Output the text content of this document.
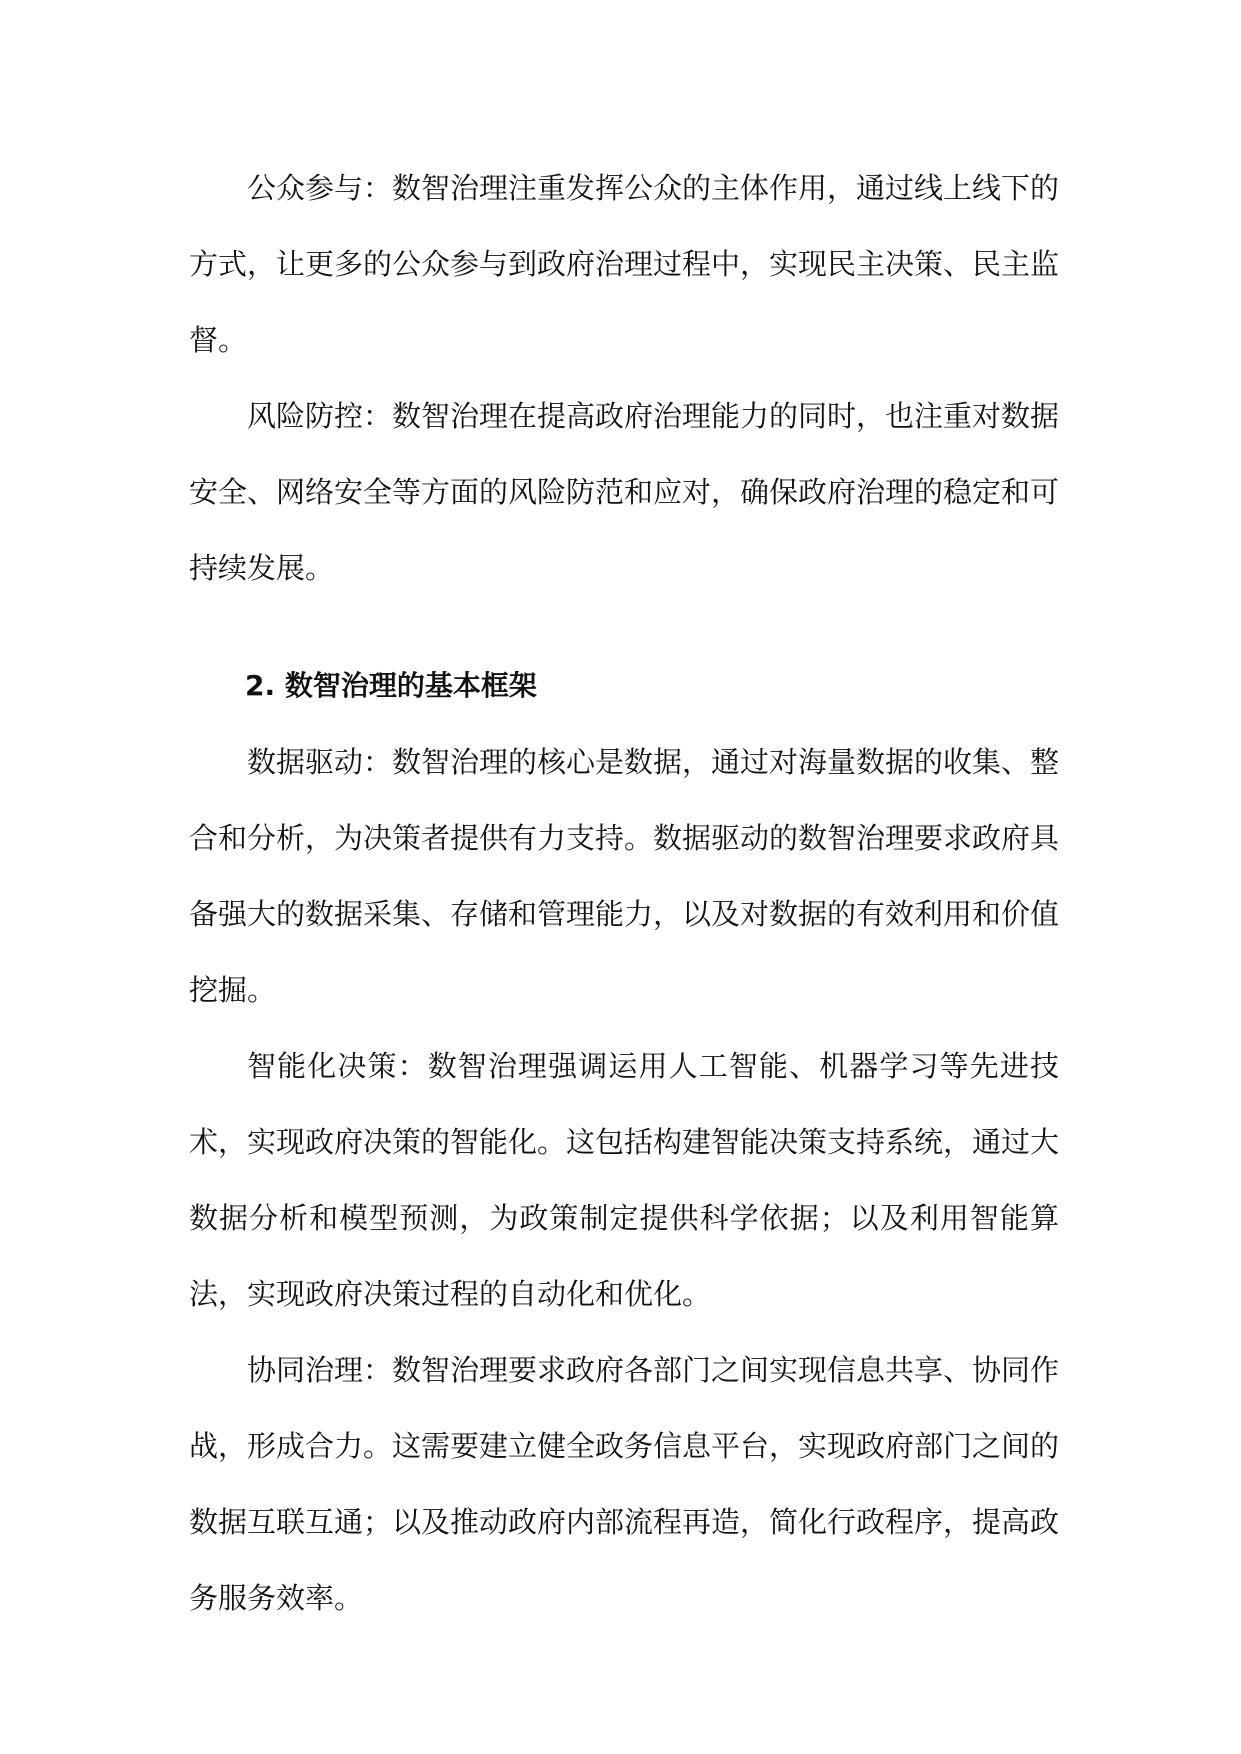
公众参与：数智治理注重发挥公众的主体作用，通过线上线下的方式，让更多的公众参与到政府治理过程中，实现民主决策、民主监督。

风险防控：数智治理在提高政府治理能力的同时，也注重对数据安全、网络安全等方面的风险防范和应对，确保政府治理的稳定和可持续发展。

2. 数智治理的基本框架

数据驱动：数智治理的核心是数据，通过对海量数据的收集、整合和分析，为决策者提供有力支持。数据驱动的数智治理要求政府具备强大的数据采集、存储和管理能力，以及对数据的有效利用和价值挖掘。

智能化决策：数智治理强调运用人工智能、机器学习等先进技术，实现政府决策的智能化。这包括构建智能决策支持系统，通过大数据分析和模型预测，为政策制定提供科学依据；以及利用智能算法，实现政府决策过程的自动化和优化。

协同治理：数智治理要求政府各部门之间实现信息共享、协同作战，形成合力。这需要建立健全政务信息平台，实现政府部门之间的数据互联互通；以及推动政府内部流程再造，简化行政程序，提高政务服务效率。
